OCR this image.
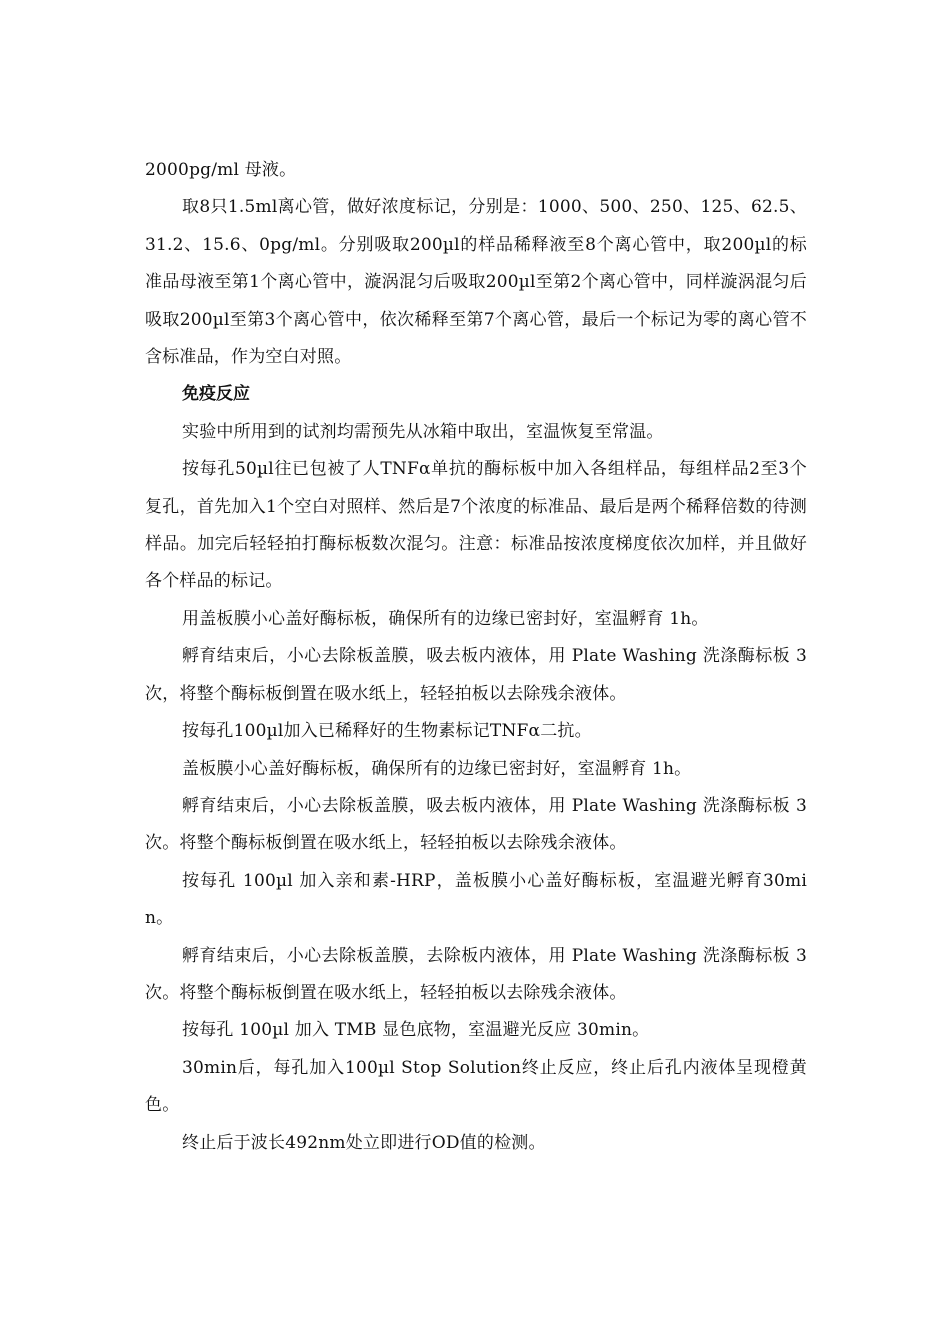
2000pg/ml 母液。

取8只1.5ml离心管，做好浓度标记，分别是：1000、500、250、125、62.5、31.2、15.6、0pg/ml。分别吸取200µl的样品稀释液至8个离心管中，取200µl的标准品母液至第1个离心管中，漩涡混匀后吸取200µl至第2个离心管中，同样漩涡混匀后吸取200µl至第3个离心管中，依次稀释至第7个离心管，最后一个标记为零的离心管不含标准品，作为空白对照。

免疫反应

实验中所用到的试剂均需预先从冰箱中取出，室温恢复至常温。

按每孔50µl往已包被了人TNFα单抗的酶标板中加入各组样品，每组样品2至3个复孔，首先加入1个空白对照样、然后是7个浓度的标准品、最后是两个稀释倍数的待测样品。加完后轻轻拍打酶标板数次混匀。注意：标准品按浓度梯度依次加样，并且做好各个样品的标记。

用盖板膜小心盖好酶标板，确保所有的边缘已密封好，室温孵育 1h。

孵育结束后，小心去除板盖膜，吸去板内液体，用 Plate Washing 洗涤酶标板 3 次，将整个酶标板倒置在吸水纸上，轻轻拍板以去除残余液体。

按每孔100µl加入已稀释好的生物素标记TNFα二抗。

盖板膜小心盖好酶标板，确保所有的边缘已密封好，室温孵育 1h。

孵育结束后，小心去除板盖膜，吸去板内液体，用 Plate Washing 洗涤酶标板 3 次。将整个酶标板倒置在吸水纸上，轻轻拍板以去除残余液体。

按每孔 100µl 加入亲和素-HRP，盖板膜小心盖好酶标板，室温避光孵育30min。

孵育结束后，小心去除板盖膜，去除板内液体，用 Plate Washing 洗涤酶标板 3 次。将整个酶标板倒置在吸水纸上，轻轻拍板以去除残余液体。

按每孔 100µl 加入 TMB 显色底物，室温避光反应 30min。

30min后，每孔加入100µl Stop Solution终止反应，终止后孔内液体呈现橙黄色。

终止后于波长492nm处立即进行OD值的检测。
